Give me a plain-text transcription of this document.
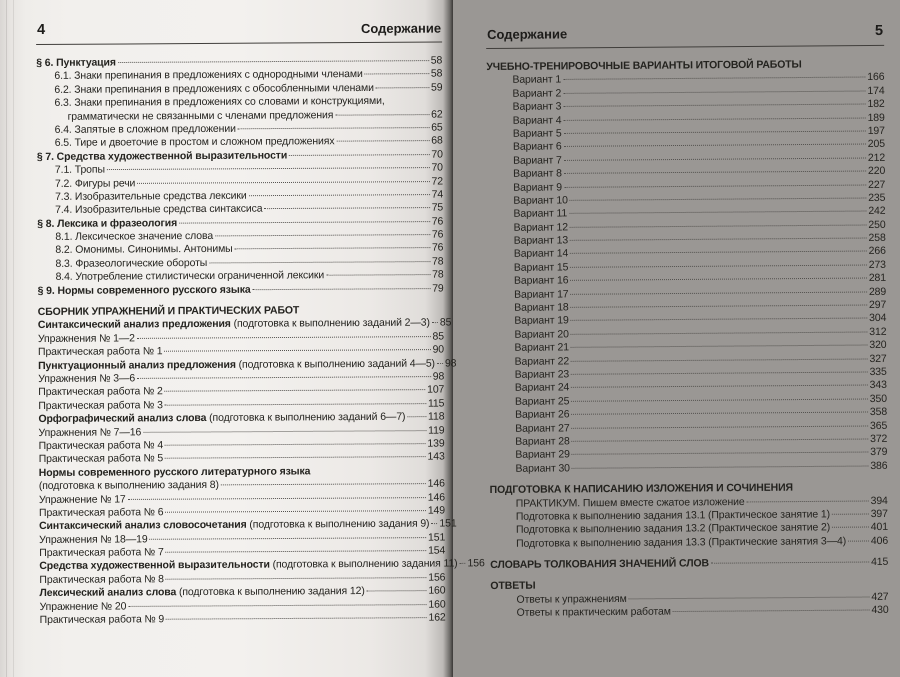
4	Содержание
§ 6. Пунктуация	58
6.1. Знаки препинания в предложениях с однородными членами	58
6.2. Знаки препинания в предложениях с обособленными членами	59
6.3. Знаки препинания в предложениях со словами и конструкциями,
грамматически не связанными с членами предложения	62
6.4. Запятые в сложном предложении	65
6.5. Тире и двоеточие в простом и сложном предложениях	68
§ 7. Средства художественной выразительности	70
7.1. Тропы	70
7.2. Фигуры речи	72
7.3. Изобразительные средства лексики	74
7.4. Изобразительные средства синтаксиса	75
§ 8. Лексика и фразеология	76
8.1. Лексическое значение слова	76
8.2. Омонимы. Синонимы. Антонимы	76
8.3. Фразеологические обороты	78
8.4. Употребление стилистически ограниченной лексики	78
§ 9. Нормы современного русского языка	79
СБОРНИК УПРАЖНЕНИЙ И ПРАКТИЧЕСКИХ РАБОТ
Синтаксический анализ предложения (подготовка к выполнению заданий 2—3) 85
Упражнения № 1—2	85
Практическая работа № 1	90
Пунктуационный анализ предложения (подготовка к выполнению заданий 4—5) 98
Упражнения № 3—6	98
Практическая работа № 2	107
Практическая работа № 3	115
Орфографический анализ слова (подготовка к выполнению заданий 6—7) 118
Упражнения № 7—16	119
Практическая работа № 4	139
Практическая работа № 5	143
Нормы современного русского литературного языка
(подготовка к выполнению задания 8)	146
Упражнение № 17	146
Практическая работа № 6	149
Синтаксический анализ словосочетания (подготовка к выполнению задания 9) 151
Упражнения № 18—19	151
Практическая работа № 7	154
Средства художественной выразительности (подготовка к выполнению задания 11) 156
Практическая работа № 8	156
Лексический анализ слова (подготовка к выполнению задания 12)	160
Упражнение № 20	160
Практическая работа № 9	162
Содержание	5
УЧЕБНО-ТРЕНИРОВОЧНЫЕ ВАРИАНТЫ ИТОГОВОЙ РАБОТЫ
Вариант 1	166
Вариант 2	174
Вариант 3	182
Вариант 4	189
Вариант 5	197
Вариант 6	205
Вариант 7	212
Вариант 8	220
Вариант 9	227
Вариант 10	235
Вариант 11	242
Вариант 12	250
Вариант 13	258
Вариант 14	266
Вариант 15	273
Вариант 16	281
Вариант 17	289
Вариант 18	297
Вариант 19	304
Вариант 20	312
Вариант 21	320
Вариант 22	327
Вариант 23	335
Вариант 24	343
Вариант 25	350
Вариант 26	358
Вариант 27	365
Вариант 28	372
Вариант 29	379
Вариант 30	386
ПОДГОТОВКА К НАПИСАНИЮ ИЗЛОЖЕНИЯ И СОЧИНЕНИЯ
ПРАКТИКУМ. Пишем вместе сжатое изложение	394
Подготовка к выполнению задания 13.1 (Практическое занятие 1)	397
Подготовка к выполнению задания 13.2 (Практическое занятие 2)	401
Подготовка к выполнению задания 13.3 (Практические занятия 3—4) 406
СЛОВАРЬ ТОЛКОВАНИЯ ЗНАЧЕНИЙ СЛОВ	415
ОТВЕТЫ
Ответы к упражнениям	427
Ответы к практическим работам	430
